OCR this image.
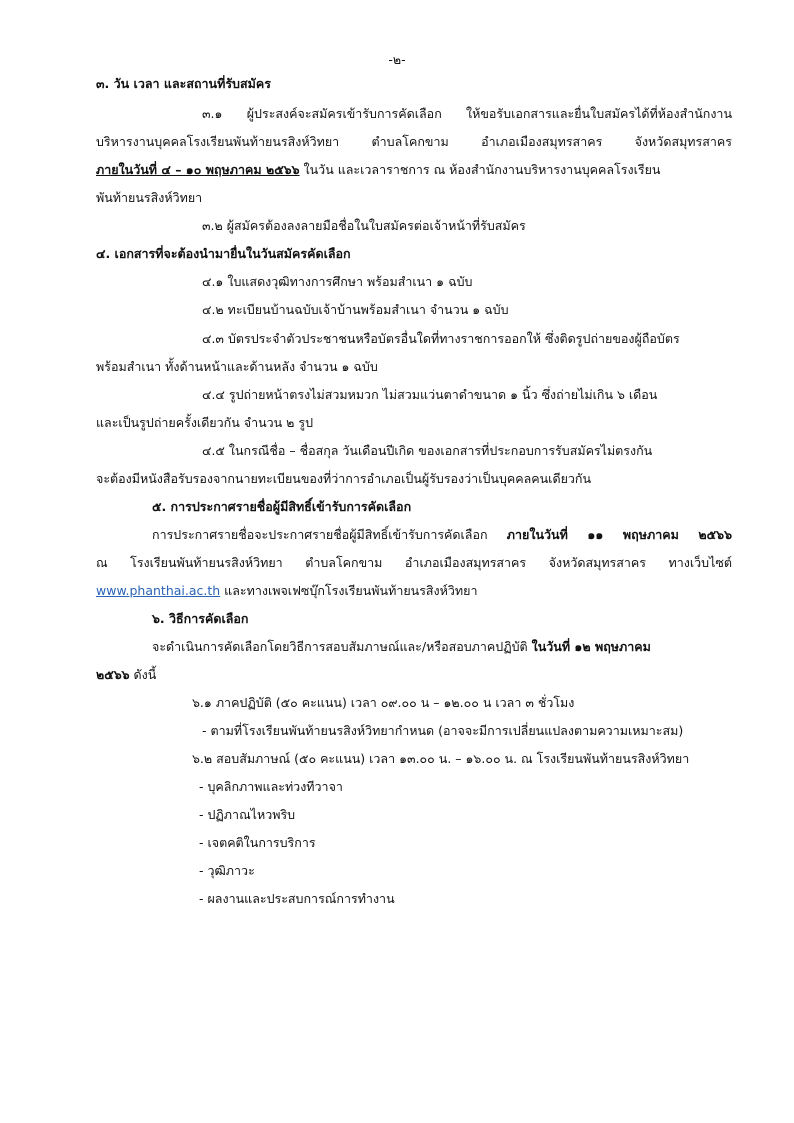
-๒-
๓. วัน เวลา และสถานที่รับสมัคร
๓.๑ ผู้ประสงค์จะสมัครเข้ารับการคัดเลือก ให้ขอรับเอกสารและยื่นใบสมัครได้ที่ห้องสำนักงาน
บริหารงานบุคคลโรงเรียนพันท้ายนรสิงห์วิทยา ตำบลโคกขาม อำเภอเมืองสมุทรสาคร จังหวัดสมุทรสาคร
ภายในวันที่ ๔ – ๑๐ พฤษภาคม ๒๕๖๖ ในวัน และเวลาราชการ ณ ห้องสำนักงานบริหารงานบุคคลโรงเรียน
พันท้ายนรสิงห์วิทยา
๓.๒ ผู้สมัครต้องลงลายมือชื่อในใบสมัครต่อเจ้าหน้าที่รับสมัคร
๔. เอกสารที่จะต้องนำมายื่นในวันสมัครคัดเลือก
๔.๑ ใบแสดงวุฒิทางการศึกษา พร้อมสำเนา ๑ ฉบับ
๔.๒ ทะเบียนบ้านฉบับเจ้าบ้านพร้อมสำเนา จำนวน ๑ ฉบับ
๔.๓ บัตรประจำตัวประชาชนหรือบัตรอื่นใดที่ทางราชการออกให้ ซึ่งติดรูปถ่ายของผู้ถือบัตร
พร้อมสำเนา ทั้งด้านหน้าและด้านหลัง จำนวน ๑ ฉบับ
๔.๔ รูปถ่ายหน้าตรงไม่สวมหมวก ไม่สวมแว่นตาดำขนาด ๑ นิ้ว ซึ่งถ่ายไม่เกิน ๖ เดือน
และเป็นรูปถ่ายครั้งเดียวกัน จำนวน ๒ รูป
๔.๕ ในกรณีชื่อ – ชื่อสกุล วันเดือนปีเกิด ของเอกสารที่ประกอบการรับสมัครไม่ตรงกัน
จะต้องมีหนังสือรับรองจากนายทะเบียนของที่ว่าการอำเภอเป็นผู้รับรองว่าเป็นบุคคลคนเดียวกัน
๕. การประกาศรายชื่อผู้มีสิทธิ์เข้ารับการคัดเลือก
การประกาศรายชื่อจะประกาศรายชื่อผู้มีสิทธิ์เข้ารับการคัดเลือก ภายในวันที่ ๑๑ พฤษภาคม ๒๕๖๖
ณ โรงเรียนพันท้ายนรสิงห์วิทยา ตำบลโคกขาม อำเภอเมืองสมุทรสาคร จังหวัดสมุทรสาคร ทางเว็บไซต์
www.phanthai.ac.th และทางเพจเฟซบุ๊กโรงเรียนพันท้ายนรสิงห์วิทยา
๖. วิธีการคัดเลือก
จะดำเนินการคัดเลือกโดยวิธีการสอบสัมภาษณ์และ/หรือสอบภาคปฏิบัติ ในวันที่ ๑๒ พฤษภาคม
๒๕๖๖ ดังนี้
๖.๑ ภาคปฏิบัติ (๕๐ คะแนน) เวลา ๐๙.๐๐ น – ๑๒.๐๐ น เวลา ๓ ชั่วโมง
- ตามที่โรงเรียนพันท้ายนรสิงห์วิทยากำหนด (อาจจะมีการเปลี่ยนแปลงตามความเหมาะสม)
๖.๒ สอบสัมภาษณ์ (๕๐ คะแนน) เวลา ๑๓.๐๐ น. – ๑๖.๐๐ น. ณ โรงเรียนพันท้ายนรสิงห์วิทยา
- บุคลิกภาพและท่วงทีวาจา
- ปฏิภาณไหวพริบ
- เจตคติในการบริการ
- วุฒิภาวะ
- ผลงานและประสบการณ์การทำงาน
